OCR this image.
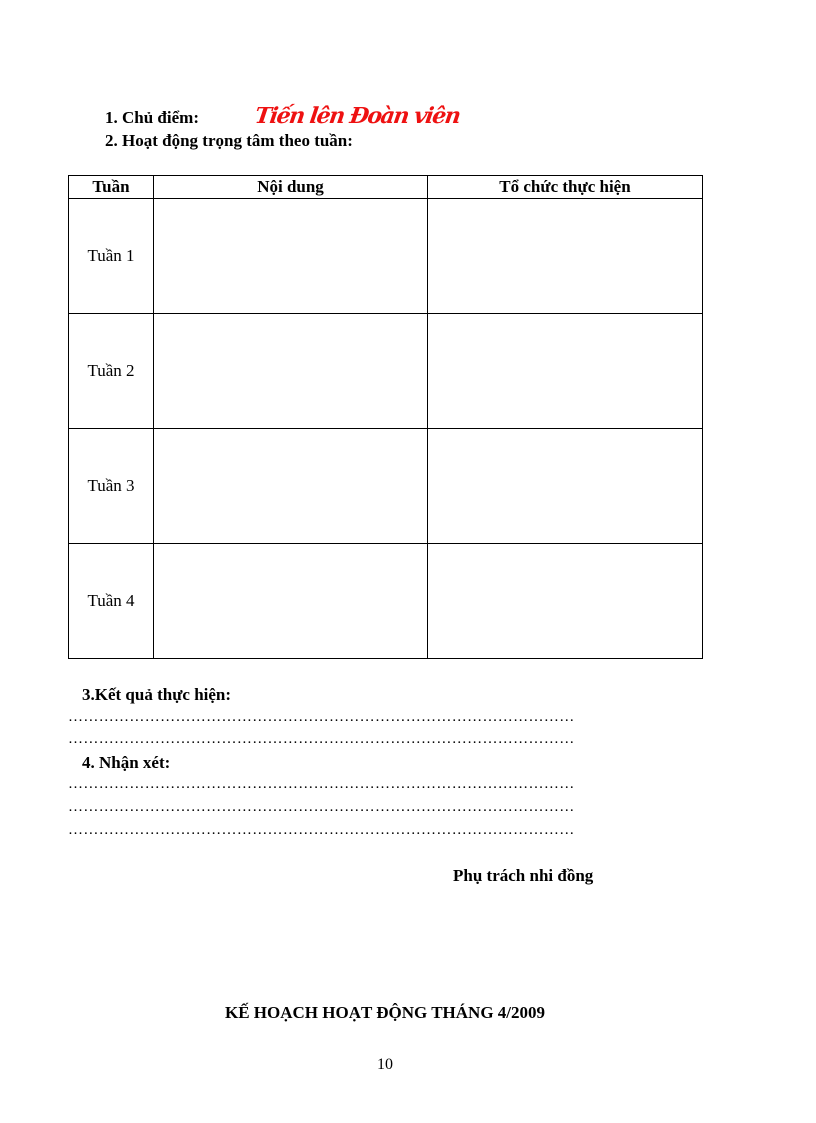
1. Chủ điểm: Tiến lên Đoàn viên
2. Hoạt động trọng tâm theo tuần:
Tuần	Nội dung	Tổ chức thực hiện
Tuần 1		
Tuần 2		
Tuần 3		
Tuần 4		
3.Kết quả thực hiện:
………………………………………………………………………………………
………………………………………………………………………………………
4. Nhận xét:
………………………………………………………………………………………
………………………………………………………………………………………
………………………………………………………………………………………
Phụ trách nhi đồng
KẾ HOẠCH HOẠT ĐỘNG THÁNG 4/2009
10
